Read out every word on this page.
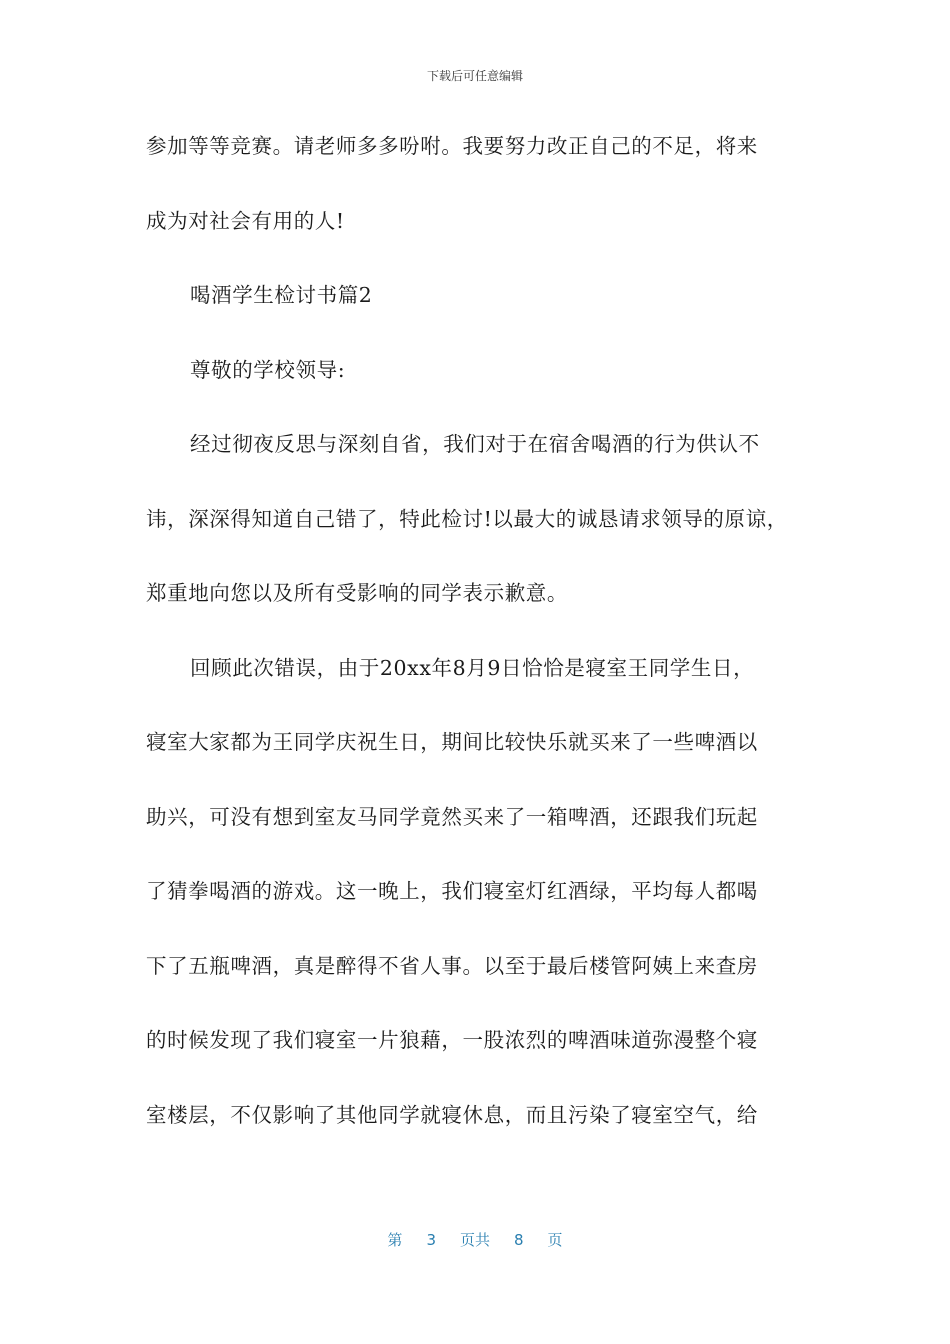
下载后可任意编辑
参加等等竞赛。请老师多多吩咐。我要努力改正自己的不足，将来
成为对社会有用的人!
喝酒学生检讨书篇2
尊敬的学校领导:
经过彻夜反思与深刻自省，我们对于在宿舍喝酒的行为供认不
讳，深深得知道自己错了，特此检讨!以最大的诚恳请求领导的原谅，
郑重地向您以及所有受影响的同学表示歉意。
回顾此次错误，由于20xx年8月9日恰恰是寝室王同学生日，
寝室大家都为王同学庆祝生日，期间比较快乐就买来了一些啤酒以
助兴，可没有想到室友马同学竟然买来了一箱啤酒，还跟我们玩起
了猜拳喝酒的游戏。这一晚上，我们寝室灯红酒绿，平均每人都喝
下了五瓶啤酒，真是醉得不省人事。以至于最后楼管阿姨上来查房
的时候发现了我们寝室一片狼藉，一股浓烈的啤酒味道弥漫整个寝
室楼层，不仅影响了其他同学就寝休息，而且污染了寝室空气，给
第 3 页共 8 页
